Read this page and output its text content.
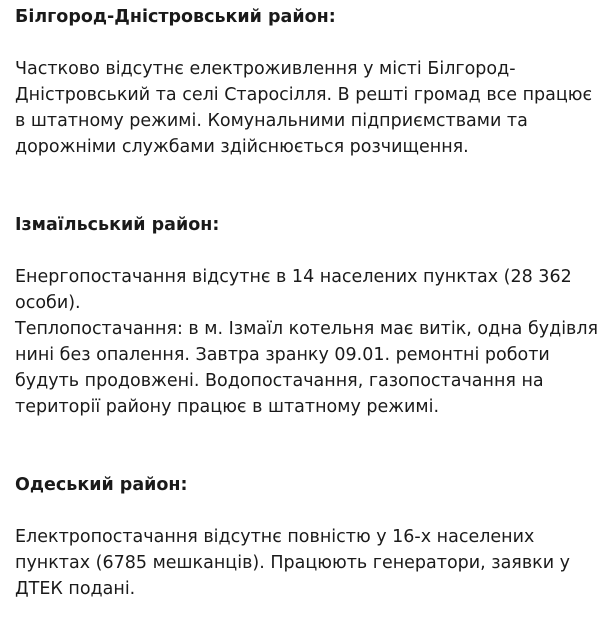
Білгород-Дністровський район:

Частково відсутнє електроживлення у місті Білгород-
Дністровський та селі Старосілля. В решті громад все працює
в штатному режимі. Комунальними підприємствами та
дорожніми службами здійснюється розчищення.

Ізмаїльський район:

Енергопостачання відсутнє в 14 населених пунктах (28 362
особи).
Теплопостачання: в м. Ізмаїл котельня має витік, одна будівля
нині без опалення. Завтра зранку 09.01. ремонтні роботи
будуть продовжені. Водопостачання, газопостачання на
території району працює в штатному режимі.

Одеський район:

Електропостачання відсутнє повністю у 16-х населених
пунктах (6785 мешканців). Працюють генератори, заявки у
ДТЕК подані.
